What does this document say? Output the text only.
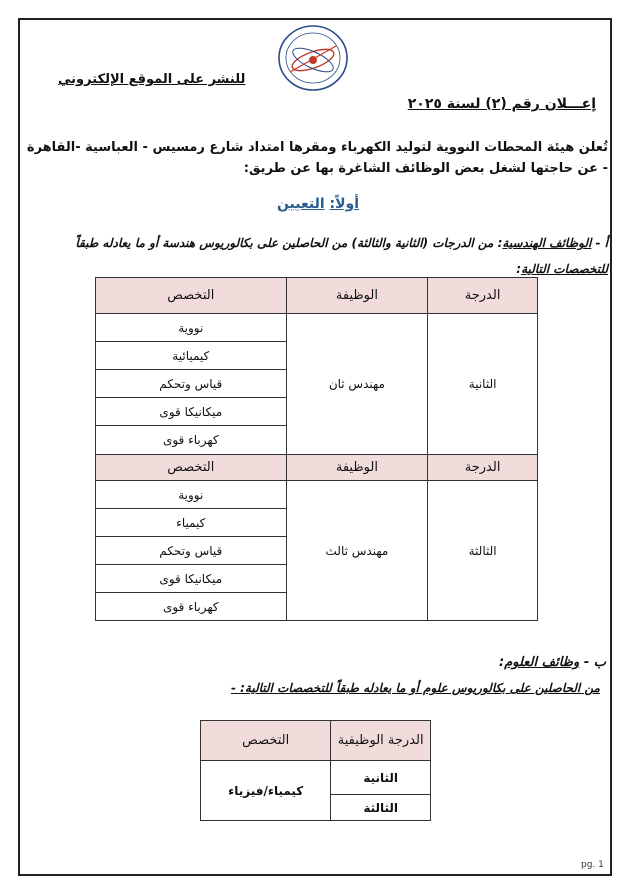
للنشر على الموقع الإلكتروني
إعـــلان رقم (٢) لسنة ٢٠٢٥
تُعلن هيئة المحطات النووية لتوليد الكهرباء ومقرها امتداد شارع رمسيس - العباسية -القاهرة - عن حاجتها لشغل بعض الوظائف الشاغرة بها عن طريق:
أولاً: التعيين
أ - الوظائف الهندسية: من الدرجات (الثانية والثالثة) من الحاصلين على بكالوريوس هندسة أو ما يعادله طبقاً للتخصصات التالية:
الدرجة	الوظيفة	التخصص
الثانية	مهندس ثان	نووية
		كيميائية
		قياس وتحكم
		ميكانيكا قوى
		كهرباء قوى
الدرجة	الوظيفة	التخصص
الثالثة	مهندس ثالث	نووية
		كيمياء
		قياس وتحكم
		ميكانيكا قوى
		كهرباء قوى
ب - وظائف العلوم:
من الحاصلين على بكالوريوس علوم أو ما يعادله طبقاً للتخصصات التالية: -
الدرجة الوظيفية	التخصص
الثانية	كيمياء/فيزياء
الثالثة	
pg. 1
